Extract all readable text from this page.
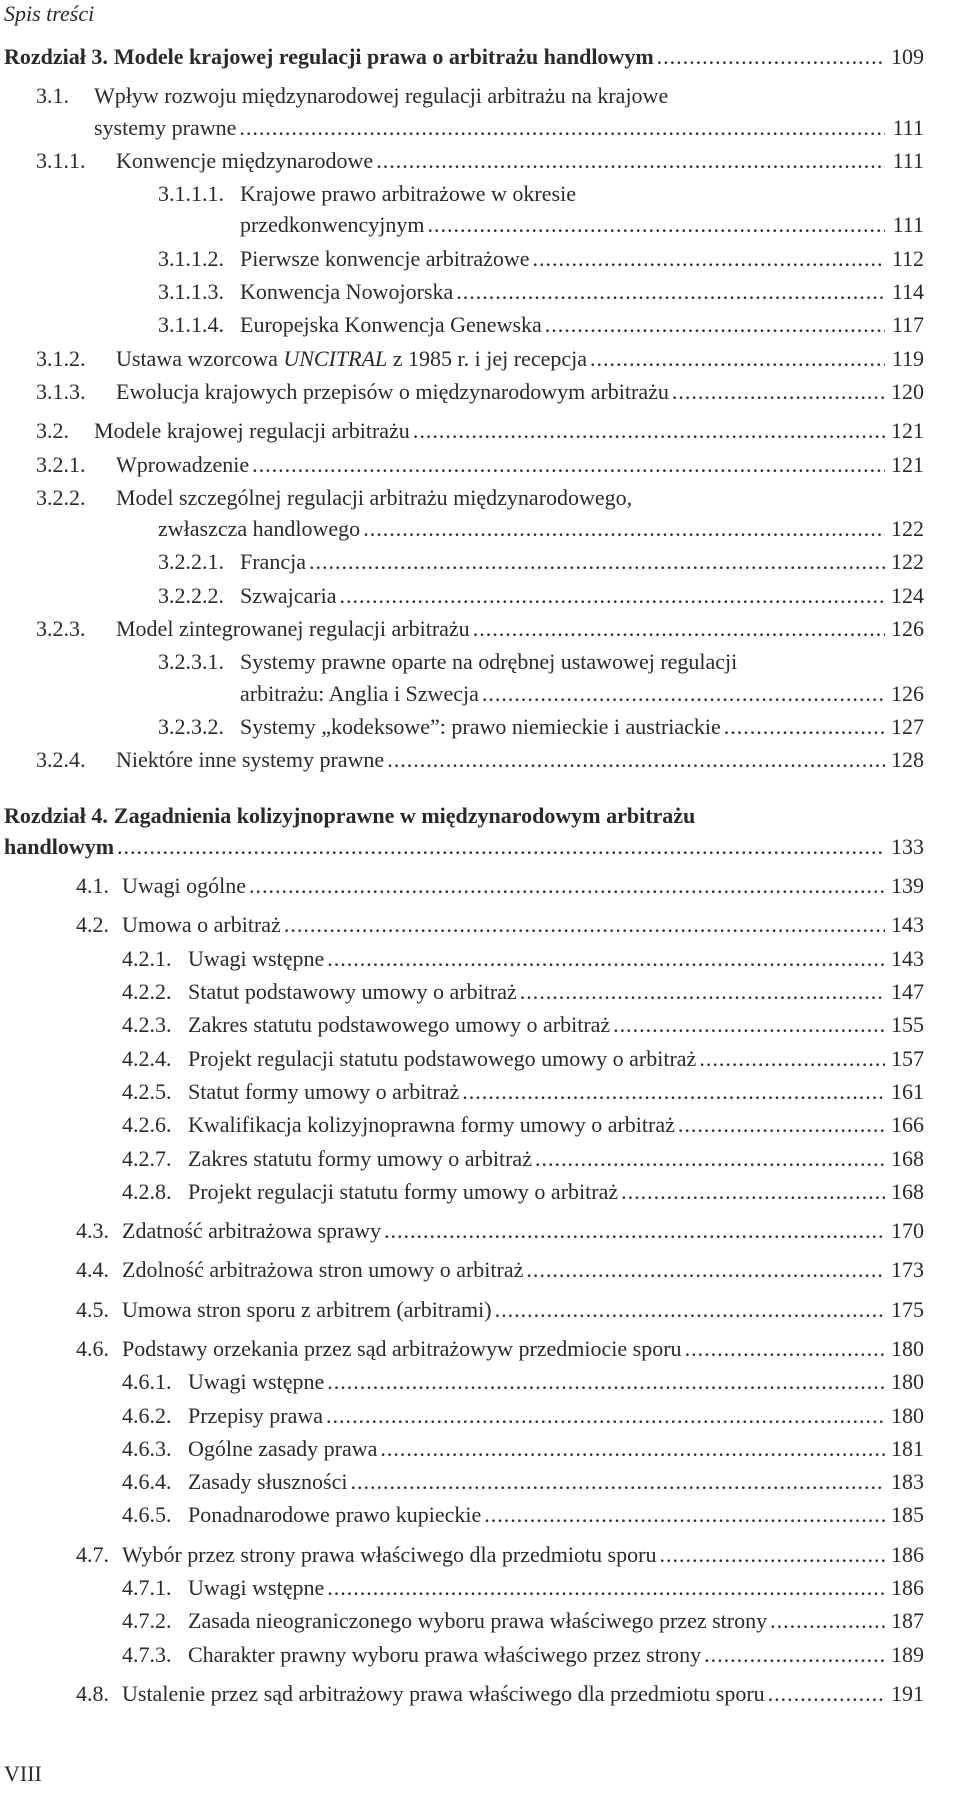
Spis treści
Rozdział 3. Modele krajowej regulacji prawa o arbitrażu handlowym .....	109
3.1.	Wpływ rozwoju międzynarodowej regulacji arbitrażu na krajowe
systemy prawne .....	111
3.1.1.	Konwencje międzynarodowe .....	111
3.1.1.1. Krajowe prawo arbitrażowe w okresie
przedkonwencyjnym .....	111
3.1.1.2. Pierwsze konwencje arbitrażowe .....	112
3.1.1.3. Konwencja Nowojorska .....	114
3.1.1.4. Europejska Konwencja Genewska .....	117
3.1.2.	Ustawa wzorcowa UNCITRAL z 1985 r. i jej recepcja .....	119
3.1.3.	Ewolucja krajowych przepisów o międzynarodowym arbitrażu .....	120
3.2.	Modele krajowej regulacji arbitrażu .....	121
3.2.1.	Wprowadzenie .....	121
3.2.2.	Model szczególnej regulacji arbitrażu międzynarodowego,
zwłaszcza handlowego .....	122
3.2.2.1. Francja .....	122
3.2.2.2. Szwajcaria .....	124
3.2.3.	Model zintegrowanej regulacji arbitrażu .....	126
3.2.3.1. Systemy prawne oparte na odrębnej ustawowej regulacji
arbitrażu: Anglia i Szwecja .....	126
3.2.3.2. Systemy „kodeksowe”: prawo niemieckie i austriackie .....	127
3.2.4.	Niektóre inne systemy prawne .....	128
Rozdział 4. Zagadnienia kolizyjnoprawne w międzynarodowym arbitrażu
handlowym .....	133
4.1. Uwagi ogólne .....	139
4.2. Umowa o arbitraż .....	143
4.2.1. Uwagi wstępne .....	143
4.2.2. Statut podstawowy umowy o arbitraż .....	147
4.2.3. Zakres statutu podstawowego umowy o arbitraż .....	155
4.2.4. Projekt regulacji statutu podstawowego umowy o arbitraż .....	157
4.2.5. Statut formy umowy o arbitraż .....	161
4.2.6. Kwalifikacja kolizyjnoprawna formy umowy o arbitraż .....	166
4.2.7. Zakres statutu formy umowy o arbitraż .....	168
4.2.8. Projekt regulacji statutu formy umowy o arbitraż .....	168
4.3. Zdatność arbitrażowa sprawy .....	170
4.4. Zdolność arbitrażowa stron umowy o arbitraż .....	173
4.5. Umowa stron sporu z arbitrem (arbitrami) .....	175
4.6. Podstawy orzekania przez sąd arbitrażowyw przedmiocie sporu .....	180
4.6.1. Uwagi wstępne .....	180
4.6.2. Przepisy prawa .....	180
4.6.3. Ogólne zasady prawa .....	181
4.6.4. Zasady słuszności .....	183
4.6.5. Ponadnarodowe prawo kupieckie .....	185
4.7. Wybór przez strony prawa właściwego dla przedmiotu sporu .....	186
4.7.1. Uwagi wstępne .....	186
4.7.2. Zasada nieograniczonego wyboru prawa właściwego przez strony .....	187
4.7.3. Charakter prawny wyboru prawa właściwego przez strony .....	189
4.8. Ustalenie przez sąd arbitrażowy prawa właściwego dla przedmiotu sporu .....	191
VIII
